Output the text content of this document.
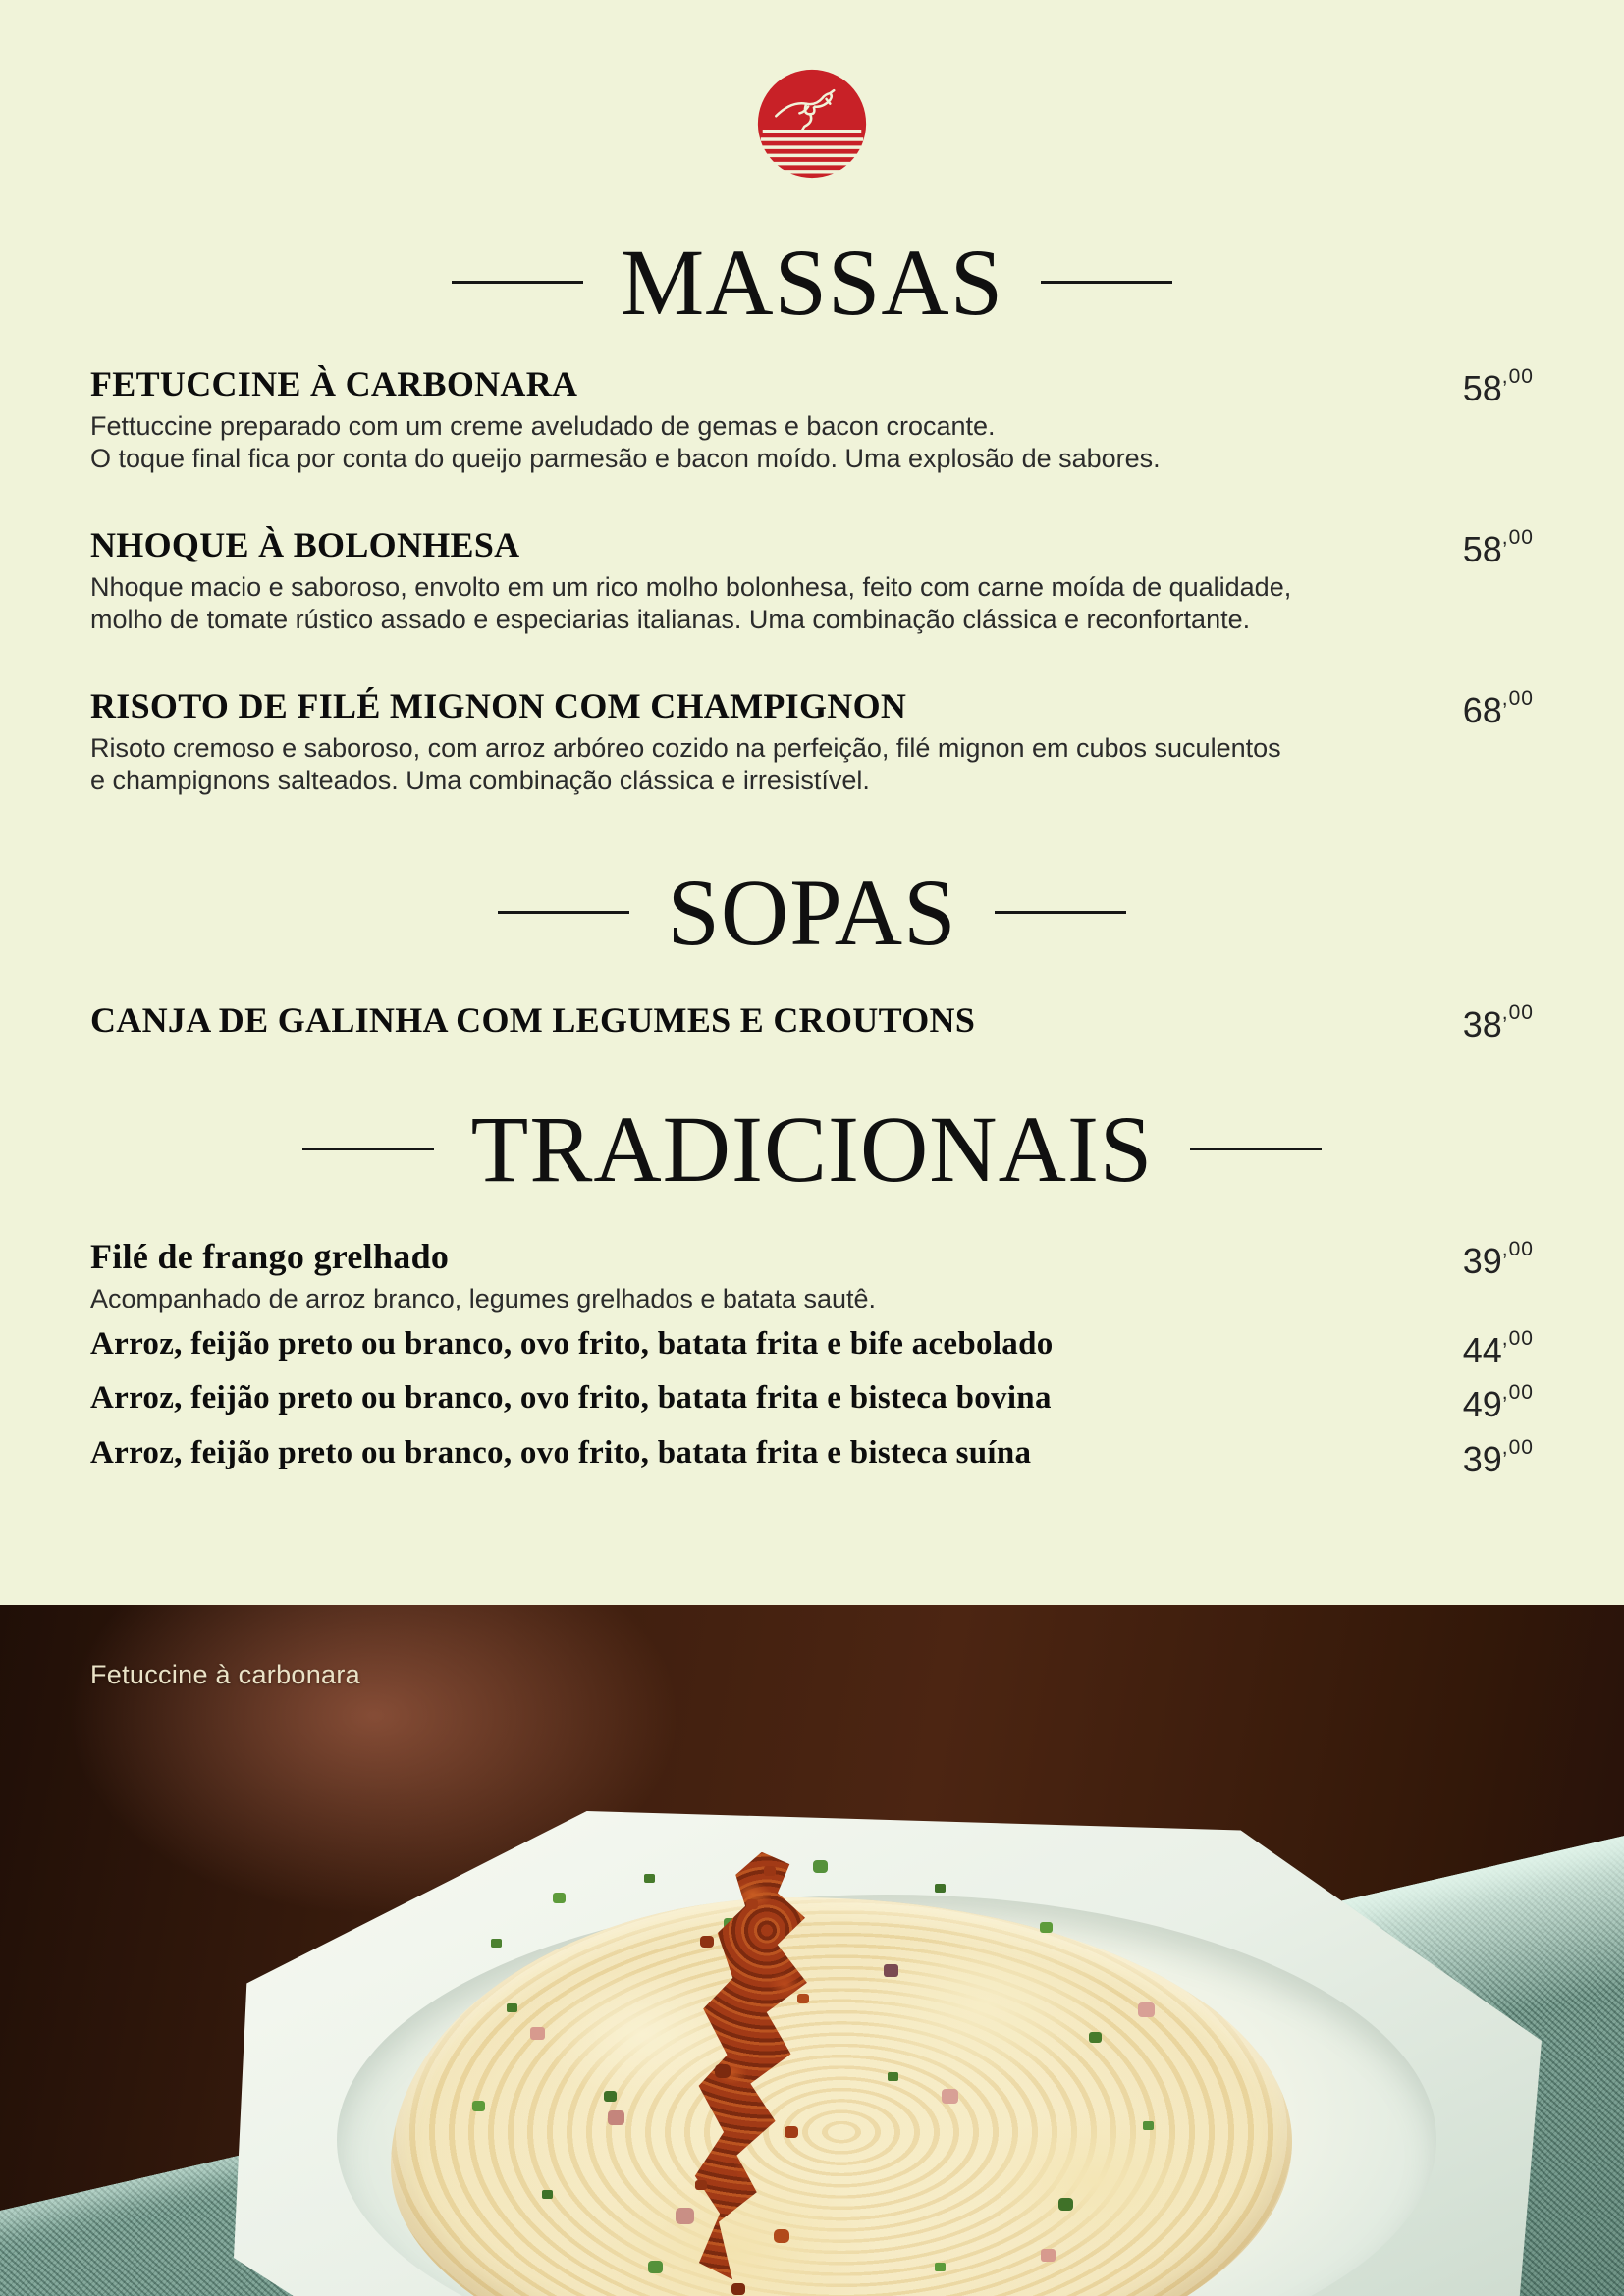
MASSAS
FETUCCINE À CARBONARA
Fettuccine preparado com um creme aveludado de gemas e bacon crocante.
O toque final fica por conta do queijo parmesão e bacon moído. Uma explosão de sabores.
$58^{,00}$
NHOQUE À BOLONHESA
Nhoque macio e saboroso, envolto em um rico molho bolonhesa, feito com carne moída de qualidade,
molho de tomate rústico assado e especiarias italianas. Uma combinação clássica e reconfortante.
$58^{,00}$
RISOTO DE FILÉ MIGNON COM CHAMPIGNON
Risoto cremoso e saboroso, com arroz arbóreo cozido na perfeição, filé mignon em cubos suculentos
e champignons salteados. Uma combinação clássica e irresistível.
$68^{,00}$
SOPAS
CANJA DE GALINHA COM LEGUMES E CROUTONS	$38^{,00}$
TRADICIONAIS
Filé de frango grelhado
Acompanhado de arroz branco, legumes grelhados e batata sautê.
$39^{,00}$
Arroz, feijão preto ou branco, ovo frito, batata frita e bife acebolado	$44^{,00}$
Arroz, feijão preto ou branco, ovo frito, batata frita e bisteca bovina	$49^{,00}$
Arroz, feijão preto ou branco, ovo frito, batata frita e bisteca suína	$39^{,00}$
Fetuccine à carbonara
